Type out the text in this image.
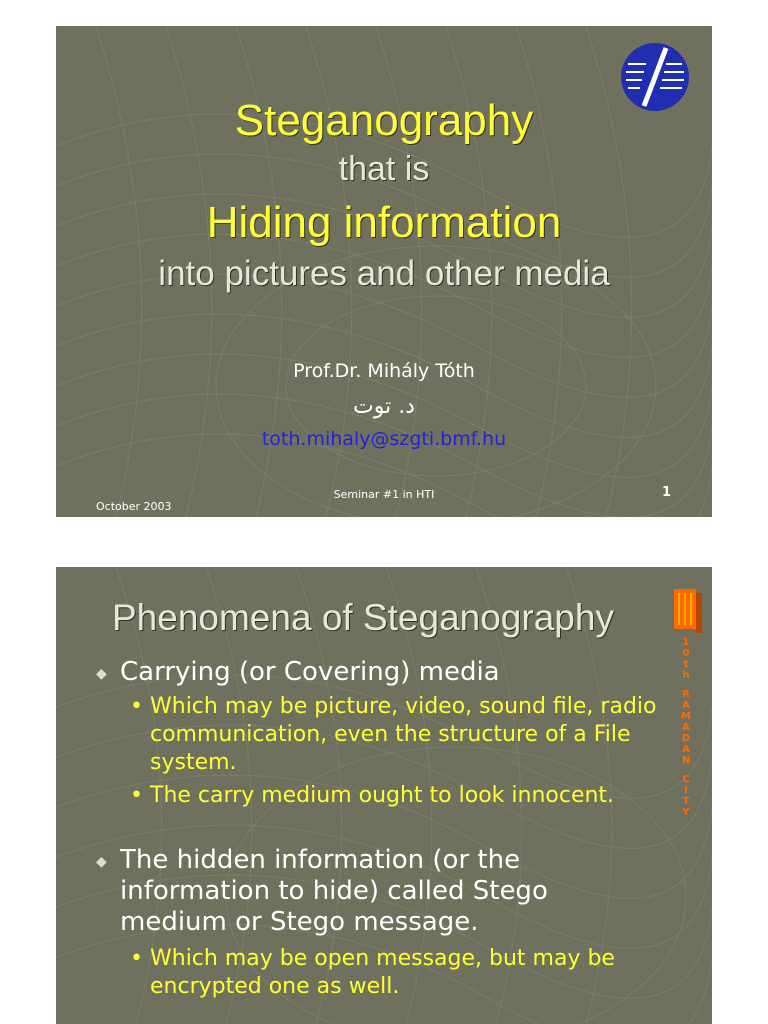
Steganography
that is
Hiding information
into pictures and other media
Prof.Dr. Mihály Tóth
د. توت
toth.mihaly@szgti.bmf.hu
Seminar #1 in HTI
October 2003
1
Phenomena of Steganography
1
0
t
h
R
A
M
A
D
A
N
C
I
T
Y
◆ Carrying (or Covering) media
• Which may be picture, video, sound file, radio communication, even the structure of a File system.
• The carry medium ought to look innocent.
◆ The hidden information (or the information to hide) called Stego medium or Stego message.
• Which may be open message, but may be encrypted one as well.
